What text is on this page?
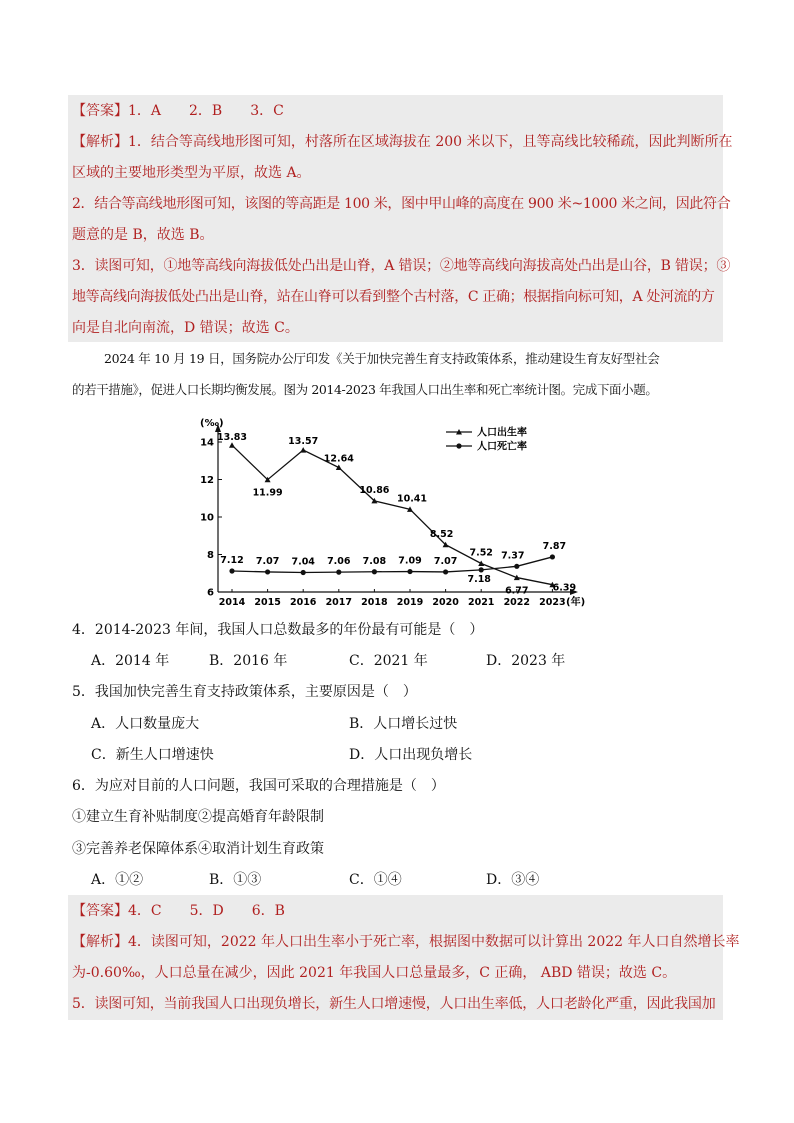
【答案】1．A　　2．B　　3．C
【解析】1．结合等高线地形图可知，村落所在区域海拔在 200 米以下，且等高线比较稀疏，因此判断所在
区域的主要地形类型为平原，故选 A。
2．结合等高线地形图可知，该图的等高距是 100 米，图中甲山峰的高度在 900 米~1000 米之间，因此符合
题意的是 B，故选 B。
3．读图可知，①地等高线向海拔低处凸出是山脊，A 错误；②地等高线向海拔高处凸出是山谷，B 错误；③
地等高线向海拔低处凸出是山脊，站在山脊可以看到整个古村落，C 正确；根据指向标可知，A 处河流的方
向是自北向南流，D 错误；故选 C。
2024 年 10 月 19 日，国务院办公厅印发《关于加快完善生育支持政策体系，推动建设生育友好型社会
的若干措施》，促进人口长期均衡发展。图为 2014-2023 年我国人口出生率和死亡率统计图。完成下面小题。
(‰)
(年)
6
8
10
12
14
2014 2015 2016 2017 2018 2019 2020 2021 2022 2023
13.83
11.99
13.57
12.64
10.86
10.41
8.52
7.52
6.77	6.39
7.12 7.07 7.04 7.06 7.08 7.09 7.07
7.18
7.37
7.87
人口出生率
人口死亡率
4．2014-2023 年间，我国人口总数最多的年份最有可能是（　）
A．2014 年	B．2016 年	C．2021 年	D．2023 年
5．我国加快完善生育支持政策体系，主要原因是（　）
A．人口数量庞大	B．人口增长过快
C．新生人口增速快	D．人口出现负增长
6．为应对目前的人口问题，我国可采取的合理措施是（　）
①建立生育补贴制度②提高婚育年龄限制
③完善养老保障体系④取消计划生育政策
A．①②	B．①③	C．①④	D．③④
【答案】4．C　　5．D　　6．B
【解析】4．读图可知，2022 年人口出生率小于死亡率，根据图中数据可以计算出 2022 年人口自然增长率
为-0.60‰，人口总量在减少，因此 2021 年我国人口总量最多，C 正确， ABD 错误；故选 C。
5．读图可知，当前我国人口出现负增长，新生人口增速慢，人口出生率低，人口老龄化严重，因此我国加
